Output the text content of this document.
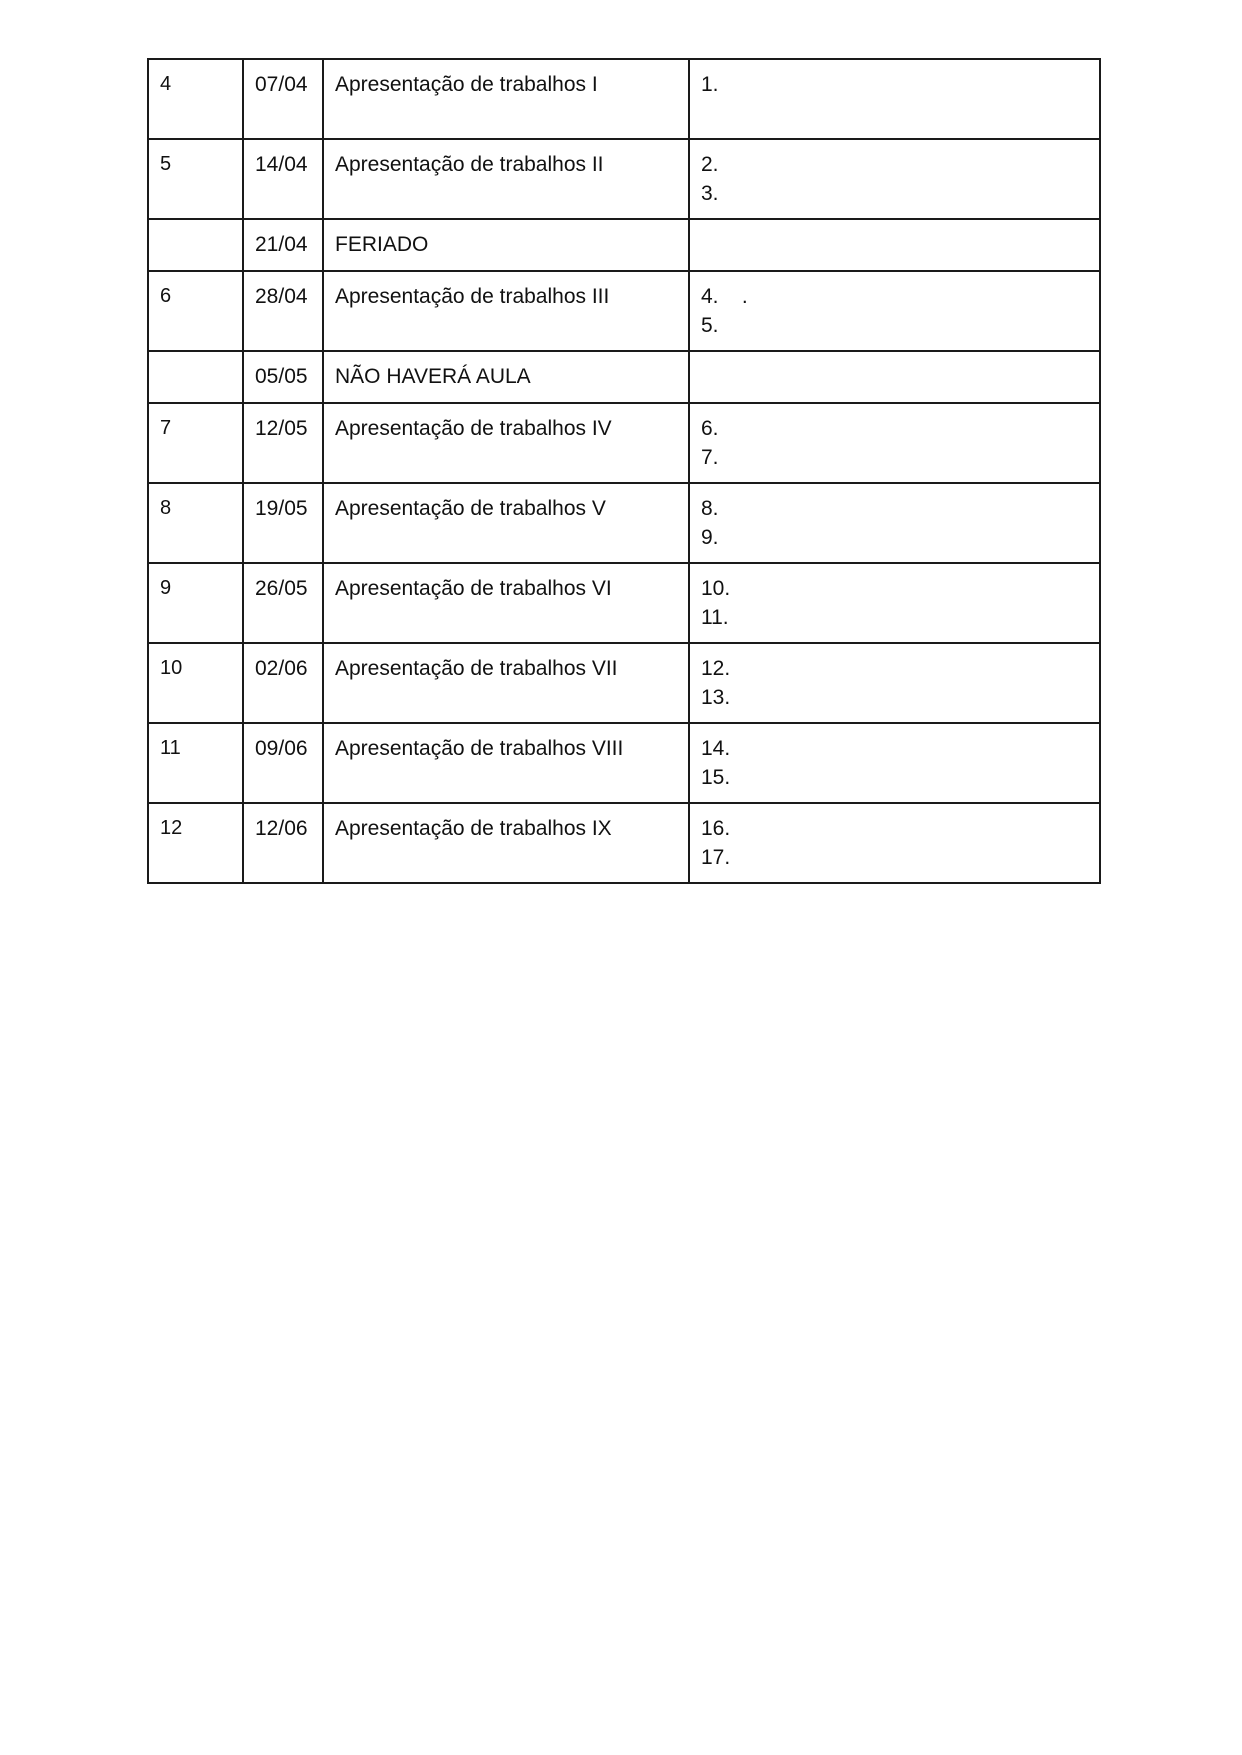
4	07/04	Apresentação de trabalhos I	1.

5	14/04	Apresentação de trabalhos II	2.
3.

	21/04	FERIADO	
6	28/04	Apresentação de trabalhos III	4.    .
5.

	05/05	NÃO HAVERÁ AULA	
7	12/05	Apresentação de trabalhos IV	6.
7.

8	19/05	Apresentação de trabalhos V	8.
9.

9	26/05	Apresentação de trabalhos VI	10.
11.

10	02/06	Apresentação de trabalhos VII	12.
13.

11	09/06	Apresentação de trabalhos VIII	14.
15.

12	12/06	Apresentação de trabalhos IX	16.
17.
